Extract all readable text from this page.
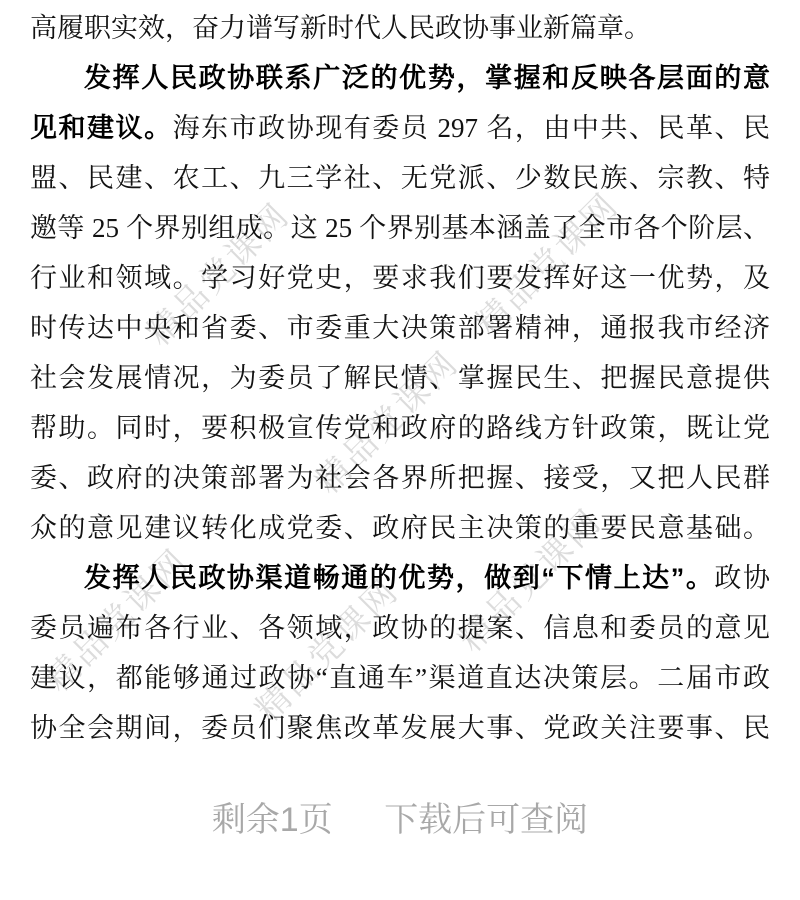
精品党课网	精品党课网
精品党课网
精品党课网
精品党课网 精品党课网
高履职实效，奋力谱写新时代人民政协事业新篇章。
发挥人民政协联系广泛的优势，掌握和反映各层面的意
见和建议。海东市政协现有委员 297 名，由中共、民革、民
盟、民建、农工、九三学社、无党派、少数民族、宗教、特
邀等 25 个界别组成。这 25 个界别基本涵盖了全市各个阶层、
行业和领域。学习好党史，要求我们要发挥好这一优势，及
时传达中央和省委、市委重大决策部署精神，通报我市经济
社会发展情况，为委员了解民情、掌握民生、把握民意提供
帮助。同时，要积极宣传党和政府的路线方针政策，既让党
委、政府的决策部署为社会各界所把握、接受，又把人民群
众的意见建议转化成党委、政府民主决策的重要民意基础。
发挥人民政协渠道畅通的优势，做到“下情上达”。政协
委员遍布各行业、各领域，政协的提案、信息和委员的意见
建议，都能够通过政协“直通车”渠道直达决策层。二届市政
协全会期间，委员们聚焦改革发展大事、党政关注要事、民
剩余1页 下载后可查阅
